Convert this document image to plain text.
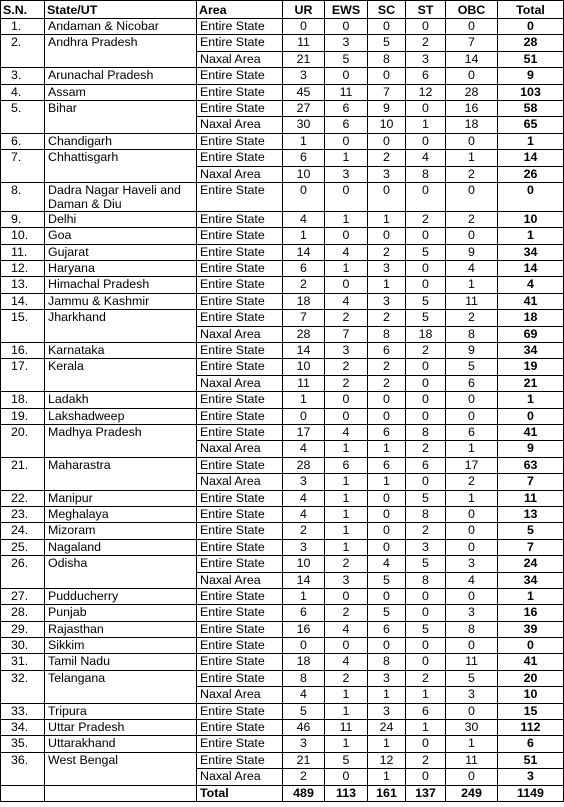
S.N.	State/UT	Area	UR	EWS	SC	ST	OBC	Total
1.	Andaman & Nicobar	Entire State	0	0	0	0	0	0
2.	Andhra Pradesh	Entire State	11	3	5	2	7	28
		Naxal Area	21	5	8	3	14	51
3.	Arunachal Pradesh	Entire State	3	0	0	6	0	9
4.	Assam	Entire State	45	11	7	12	28	103
5.	Bihar	Entire State	27	6	9	0	16	58
		Naxal Area	30	6	10	1	18	65
6.	Chandigarh	Entire State	1	0	0	0	0	1
7.	Chhattisgarh	Entire State	6	1	2	4	1	14
		Naxal Area	10	3	3	8	2	26
8.	Dadra Nagar Haveli and Daman & Diu	Entire State	0	0	0	0	0	0
9.	Delhi	Entire State	4	1	1	2	2	10
10.	Goa	Entire State	1	0	0	0	0	1
11.	Gujarat	Entire State	14	4	2	5	9	34
12.	Haryana	Entire State	6	1	3	0	4	14
13.	Himachal Pradesh	Entire State	2	0	1	0	1	4
14.	Jammu & Kashmir	Entire State	18	4	3	5	11	41
15.	Jharkhand	Entire State	7	2	2	5	2	18
		Naxal Area	28	7	8	18	8	69
16.	Karnataka	Entire State	14	3	6	2	9	34
17.	Kerala	Entire State	10	2	2	0	5	19
		Naxal Area	11	2	2	0	6	21
18.	Ladakh	Entire State	1	0	0	0	0	1
19.	Lakshadweep	Entire State	0	0	0	0	0	0
20.	Madhya Pradesh	Entire State	17	4	6	8	6	41
		Naxal Area	4	1	1	2	1	9
21.	Maharastra	Entire State	28	6	6	6	17	63
		Naxal Area	3	1	1	0	2	7
22.	Manipur	Entire State	4	1	0	5	1	11
23.	Meghalaya	Entire State	4	1	0	8	0	13
24.	Mizoram	Entire State	2	1	0	2	0	5
25.	Nagaland	Entire State	3	1	0	3	0	7
26.	Odisha	Entire State	10	2	4	5	3	24
		Naxal Area	14	3	5	8	4	34
27.	Pudducherry	Entire State	1	0	0	0	0	1
28.	Punjab	Entire State	6	2	5	0	3	16
29.	Rajasthan	Entire State	16	4	6	5	8	39
30.	Sikkim	Entire State	0	0	0	0	0	0
31.	Tamil Nadu	Entire State	18	4	8	0	11	41
32.	Telangana	Entire State	8	2	3	2	5	20
		Naxal Area	4	1	1	1	3	10
33.	Tripura	Entire State	5	1	3	6	0	15
34.	Uttar Pradesh	Entire State	46	11	24	1	30	112
35.	Uttarakhand	Entire State	3	1	1	0	1	6
36.	West Bengal	Entire State	21	5	12	2	11	51
		Naxal Area	2	0	1	0	0	3
		Total	489	113	161	137	249	1149
